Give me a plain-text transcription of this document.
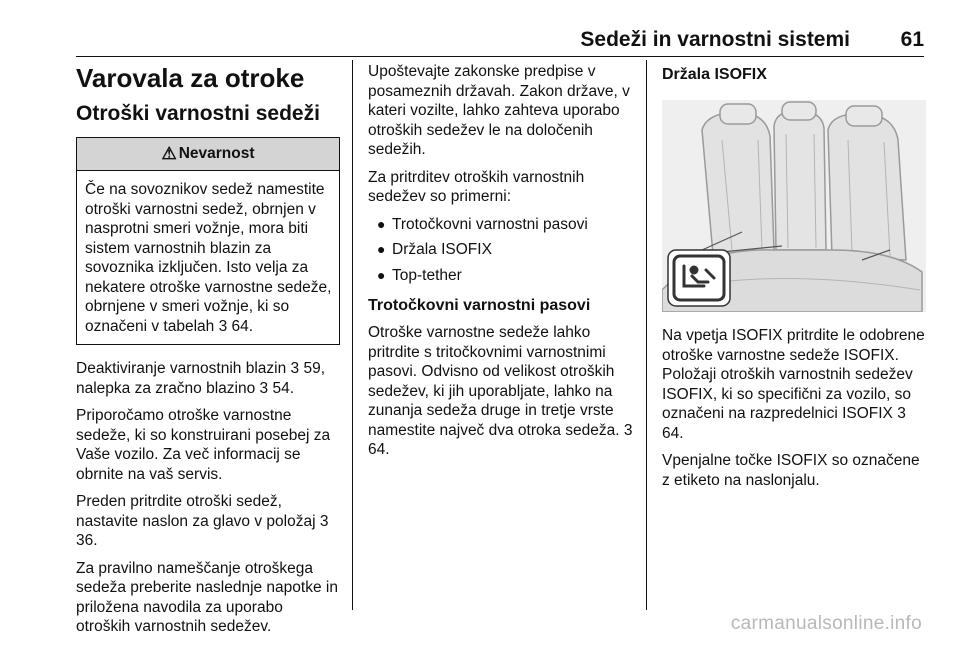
Sedeži in varnostni sistemi 61
Varovala za otroke
Otroški varnostni sedeži
⚠ Nevarnost
Če na sovoznikov sedež namestite otroški varnostni sedež, obrnjen v nasprotni smeri vožnje, mora biti sistem varnostnih blazin za sovoznika izključen. Isto velja za nekatere otroške varnostne sedeže, obrnjene v smeri vožnje, ki so označeni v tabelah 3 64.

Deaktiviranje varnostnih blazin 3 59, nalepka za zračno blazino 3 54.

Priporočamo otroške varnostne sedeže, ki so konstruirani posebej za Vaše vozilo. Za več informacij se obrnite na vaš servis.

Preden pritrdite otroški sedež, nastavite naslon za glavo v položaj 3 36.

Za pravilno nameščanje otroškega sedeža preberite naslednje napotke in priložena navodila za uporabo otroških varnostnih sedežev.

Upoštevajte zakonske predpise v posameznih državah. Zakon države, v kateri vozilte, lahko zahteva uporabo otroških sedežev le na določenih sedežih.

Za pritrditev otroških varnostnih sedežev so primerni:

● Trotočkovni varnostni pasovi
● Držala ISOFIX
● Top-tether
Trotočkovni varnostni pasovi

Otroške varnostne sedeže lahko pritrdite s tritočkovnimi varnostnimi pasovi. Odvisno od velikost otroških sedežev, ki jih uporabljate, lahko na zunanja sedeža druge in tretje vrste namestite največ dva otroka sedeža. 3 64.

Držala ISOFIX

Na vpetja ISOFIX pritrdite le odobrene otroške varnostne sedeže ISOFIX. Položaji otroških varnostnih sedežev ISOFIX, ki so specifični za vozilo, so označeni na razpredelnici ISOFIX 3 64.

Vpenjalne točke ISOFIX so označene z etiketo na naslonjalu.

carmanualsonline.info
